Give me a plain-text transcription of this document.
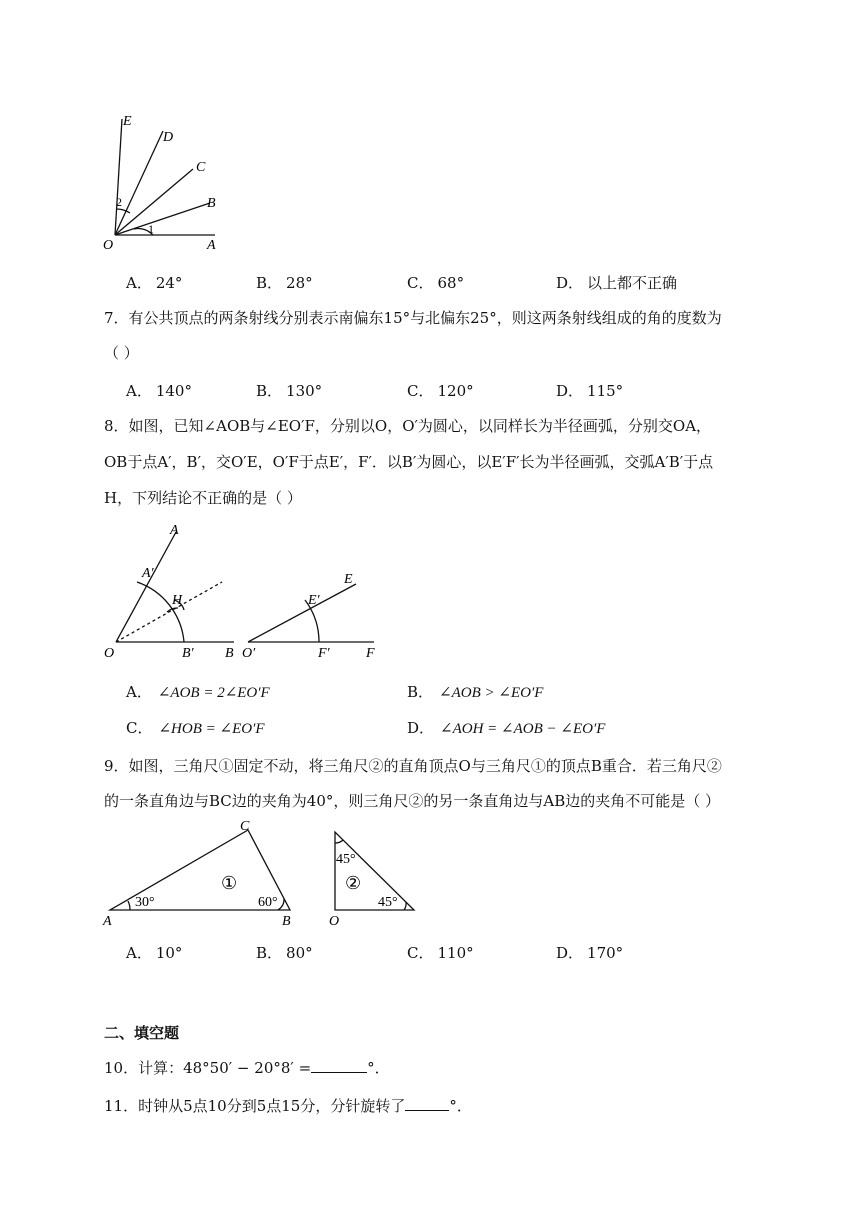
E
D
C
B
O	A
2
1
A． 24°	B． 28°	C． 68°	D． 以上都不正确
7．有公共顶点的两条射线分别表示南偏东15°与北偏东25°，则这两条射线组成的角的度数为
（ ）
A． 140°	B． 130°	C． 120°	D． 115°
8．如图，已知∠AOB与∠EO′F，分别以O，O′为圆心，以同样长为半径画弧，分别交OA，
OB于点A′，B′，交O′E，O′F于点E′，F′．以B′为圆心，以E′F′长为半径画弧，交弧A′B′于点
H，下列结论不正确的是（ ）
A
A′
H
O	B′ B
E
E′
O′	F′	F
A． ∠AOB = 2∠EO′F	B． ∠AOB > ∠EO′F
C． ∠HOB = ∠EO′F	D． ∠AOH = ∠AOB − ∠EO′F
9．如图，三角尺①固定不动，将三角尺②的直角顶点O与三角尺①的顶点B重合．若三角尺②
的一条直角边与BC边的夹角为40°，则三角尺②的另一条直角边与AB边的夹角不可能是（ ）
C
①
30°	60°
A	B
45°
②
45°
O
A． 10°	B． 80°	C． 110°	D． 170°
二、填空题
10．计算：48°50′ − 20°8′ =	°．
11．时钟从5点10分到5点15分，分针旋转了	°．
